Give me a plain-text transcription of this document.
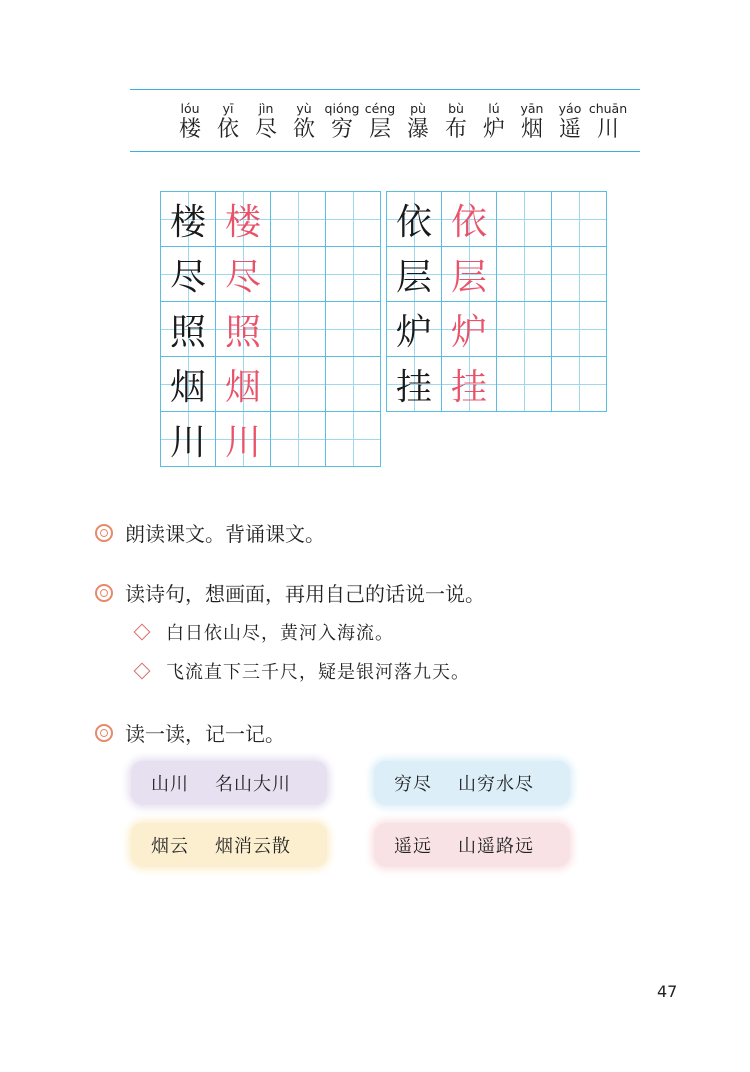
lóu
楼
yī
依
jìn
尽
yù
欲
qióng
穷
céng
层
pù
瀑
bù
布
lú
炉
yān
烟
yáo
遥
chuān
川
楼 楼
尽 尽
照 照
烟 烟
川 川
依 依
层 层
炉 炉
挂 挂
朗读课文。背诵课文。
读诗句，想画面，再用自己的话说一说。
白日依山尽，黄河入海流。
飞流直下三千尺，疑是银河落九天。
读一读，记一记。
山川 名山大川	穷尽 山穷水尽
烟云 烟消云散	遥远 山遥路远
47
